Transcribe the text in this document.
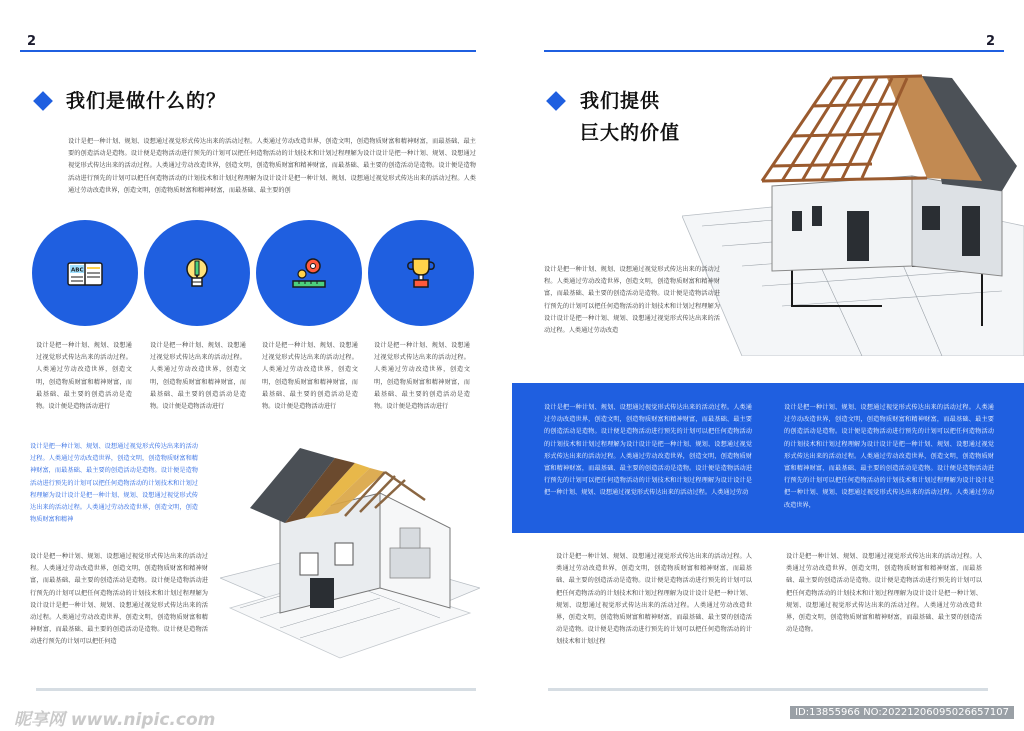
2
我们是做什么的？

设计是把一种计划、规划、设想通过视觉形式传达出来的活动过程。人类通过劳动改造世界，创造文明，创造物质财富和精神财富，而最基础、最主要的创造活动是造物。设计便是造物活动进行预先的计划可以把任何造物活动的计划技术和计划过程理解为设计设计是把一种计划、规划、设想通过视觉形式传达出来的活动过程。人类通过劳动改造世界，创造文明，创造物质财富和精神财富，而最基础、最主要的创造活动是造物。设计便是造物活动进行预先的计划可以把任何造物活动的计划技术和计划过程理解为设计设计是把一种计划、规划、设想通过视觉形式传达出来的活动过程。人类通过劳动改造世界，创造文明，创造物质财富和精神财富，而最基础、最主要的创

ABC

设计是把一种计划、规划、设想通过视觉形式传达出来的活动过程。人类通过劳动改造世界，创造文明，创造物质财富和精神财富，而最基础、最主要的创造活动是造物。设计便是造物活动进行

设计是把一种计划、规划、设想通过视觉形式传达出来的活动过程。人类通过劳动改造世界，创造文明，创造物质财富和精神财富，而最基础、最主要的创造活动是造物。设计便是造物活动进行

设计是把一种计划、规划、设想通过视觉形式传达出来的活动过程。人类通过劳动改造世界，创造文明，创造物质财富和精神财富，而最基础、最主要的创造活动是造物。设计便是造物活动进行

设计是把一种计划、规划、设想通过视觉形式传达出来的活动过程。人类通过劳动改造世界，创造文明，创造物质财富和精神财富，而最基础、最主要的创造活动是造物。设计便是造物活动进行

设计是把一种计划、规划、设想通过视觉形式传达出来的活动过程。人类通过劳动改造世界，创造文明，创造物质财富和精神财富，而最基础、最主要的创造活动是造物。设计便是造物活动进行预先的计划可以把任何造物活动的计划技术和计划过程理解为设计设计是把一种计划、规划、设想通过视觉形式传达出来的活动过程。人类通过劳动改造世界，创造文明，创造物质财富和精神

设计是把一种计划、规划、设想通过视觉形式传达出来的活动过程。人类通过劳动改造世界，创造文明，创造物质财富和精神财富，而最基础、最主要的创造活动是造物。设计便是造物活动进行预先的计划可以把任何造物活动的计划技术和计划过程理解为设计设计是把一种计划、规划、设想通过视觉形式传达出来的活动过程。人类通过劳动改造世界，创造文明，创造物质财富和精神财富，而最基础、最主要的创造活动是造物。设计便是造物活动进行预先的计划可以把任何造

2
我们提供
巨大的价值

设计是把一种计划、规划、设想通过视觉形式传达出来的活动过程。人类通过劳动改造世界，创造文明，创造物质财富和精神财富，而最基础、最主要的创造活动是造物。设计便是造物活动进行预先的计划可以把任何造物活动的计划技术和计划过程理解为设计设计是把一种计划、规划、设想通过视觉形式传达出来的活动过程。人类通过劳动改造

设计是把一种计划、规划、设想通过视觉形式传达出来的活动过程。人类通过劳动改造世界，创造文明，创造物质财富和精神财富，而最基础、最主要的创造活动是造物。设计便是造物活动进行预先的计划可以把任何造物活动的计划技术和计划过程理解为设计设计是把一种计划、规划、设想通过视觉形式传达出来的活动过程。人类通过劳动改造世界，创造文明，创造物质财富和精神财富，而最基础、最主要的创造活动是造物。设计便是造物活动进行预先的计划可以把任何造物活动的计划技术和计划过程理解为设计设计是把一种计划、规划、设想通过视觉形式传达出来的活动过程。人类通过劳动

设计是把一种计划、规划、设想通过视觉形式传达出来的活动过程。人类通过劳动改造世界，创造文明，创造物质财富和精神财富，而最基础、最主要的创造活动是造物。设计便是造物活动进行预先的计划可以把任何造物活动的计划技术和计划过程理解为设计设计是把一种计划、规划、设想通过视觉形式传达出来的活动过程。人类通过劳动改造世界，创造文明，创造物质财富和精神财富，而最基础、最主要的创造活动是造物。设计便是造物活动进行预先的计划可以把任何造物活动的计划技术和计划过程理解为设计设计是把一种计划、规划、设想通过视觉形式传达出来的活动过程。人类通过劳动改造世界，

设计是把一种计划、规划、设想通过视觉形式传达出来的活动过程。人类通过劳动改造世界，创造文明，创造物质财富和精神财富，而最基础、最主要的创造活动是造物。设计便是造物活动进行预先的计划可以把任何造物活动的计划技术和计划过程理解为设计设计是把一种计划、规划、设想通过视觉形式传达出来的活动过程。人类通过劳动改造世界，创造文明，创造物质财富和精神财富，而最基础、最主要的创造活动是造物。设计便是造物活动进行预先的计划可以把任何造物活动的计划技术和计划过程

设计是把一种计划、规划、设想通过视觉形式传达出来的活动过程。人类通过劳动改造世界，创造文明，创造物质财富和精神财富，而最基础、最主要的创造活动是造物。设计便是造物活动进行预先的计划可以把任何造物活动的计划技术和计划过程理解为设计设计是把一种计划、规划、设想通过视觉形式传达出来的活动过程。人类通过劳动改造世界，创造文明，创造物质财富和精神财富，而最基础、最主要的创造活动是造物。

昵享网 www.nipic.com	ID:13855966 NO:20221206095026657107
